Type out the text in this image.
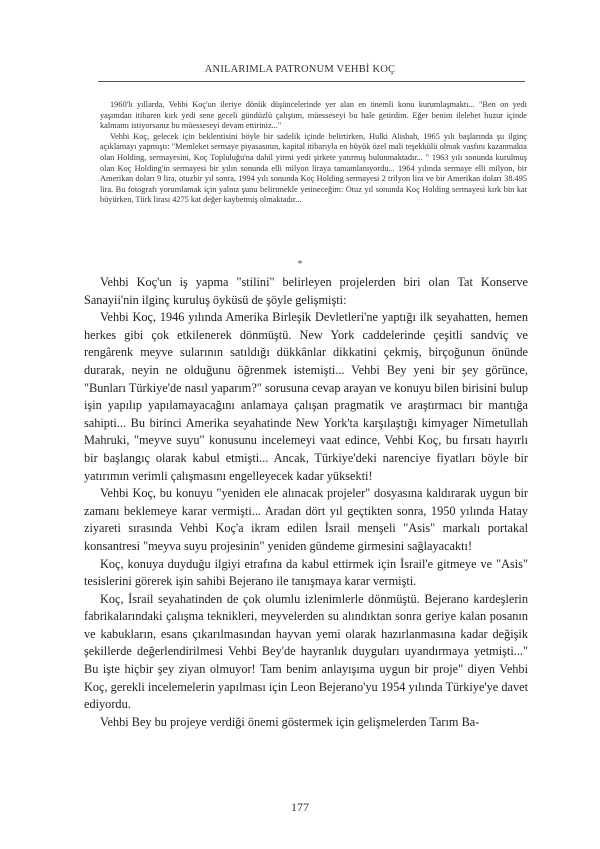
ANILARIMLA PATRONUM VEHBİ KOÇ

1960'lı yıllarda, Vehbi Koç'un ileriye dönük düşüncelerinde yer alan en önemli konu kurumlaşmaktı... "Ben on yedi yaşımdan itibaren kırk yedi sene geceli gündüzlü çalıştım, müesseseyi bu hale getirdim. Eğer benim ilelebet huzur içinde kalmamı istiyorsanız bu müesseseyi devam ettiriniz..."

Vehbi Koç, gelecek için beklentisini böyle bir sadelik içinde belirtirken, Hulki Alisbah, 1965 yılı başlarında şu ilginç açıklamayı yapmıştı: "Memleket sermaye piyasasının, kapital itibarıyla en büyük özel mali teşekkülü olmak vasfını kazanmakta olan Holding, sermayesini, Koç Topluluğu'na dahil yirmi yedi şirkete yatırmış bulunmaktadır... " 1963 yılı sonunda kurulmuş olan Koç Holding'in sermayesi bir yılın sonunda elli milyon liraya tamamlanıyordu... 1964 yılında sermaye elli milyon, bir Amerikan doları 9 lira, otuzbir yıl sonra, 1994 yılı sonunda Koç Holding sermayesi 2 trilyon lira ve bir Amerikan doları 38.495 lira. Bu fotografı yorumlamak için yalnız şunu belirtmekle yetineceğim: Otuz yıl sonunda Koç Holding sermayesi kırk bin kat büyürken, Türk lirası 4275 kat değer kaybetmiş olmaktadır...

*

Vehbi Koç'un iş yapma "stilini" belirleyen projelerden biri olan Tat Konserve Sanayii'nin ilginç kuruluş öyküsü de şöyle gelişmişti:

Vehbi Koç, 1946 yılında Amerika Birleşik Devletleri'ne yaptığı ilk seyahatten, hemen herkes gibi çok etkilenerek dönmüştü. New York caddelerinde çeşitli sandviç ve rengârenk meyve sularının satıldığı dükkânlar dikkatini çekmiş, birçoğunun önünde durarak, neyin ne olduğunu öğrenmek istemişti... Vehbi Bey yeni bir şey görünce, "Bunları Türkiye'de nasıl yaparım?" sorusuna cevap arayan ve konuyu bilen birisini bulup işin yapılıp yapılamayacağını anlamaya çalışan pragmatik ve araştırmacı bir mantığa sahipti... Bu birinci Amerika seyahatinde New York'ta karşılaştığı kimyager Nimetullah Mahruki, "meyve suyu" konusunu incelemeyi vaat edince, Vehbi Koç, bu fırsatı hayırlı bir başlangıç olarak kabul etmişti... Ancak, Türkiye'deki narenciye fiyatları böyle bir yatırımın verimli çalışmasını engelleyecek kadar yüksekti!

Vehbi Koç, bu konuyu "yeniden ele alınacak projeler" dosyasına kaldırarak uygun bir zamanı beklemeye karar vermişti... Aradan dört yıl geçtikten sonra, 1950 yılında Hatay ziyareti sırasında Vehbi Koç'a ikram edilen İsrail menşeli "Asis" markalı portakal konsantresi "meyva suyu projesinin" yeniden gündeme girmesini sağlayacaktı!

Koç, konuya duyduğu ilgiyi etrafına da kabul ettirmek için İsrail'e gitmeye ve "Asis" tesislerini görerek işin sahibi Bejerano ile tanışmaya karar vermişti.

Koç, İsrail seyahatinden de çok olumlu izlenimlerle dönmüştü. Bejerano kardeşlerin fabrikalarındaki çalışma teknikleri, meyvelerden su alındıktan sonra geriye kalan posanın ve kabukların, esans çıkarılmasından hayvan yemi olarak hazırlanmasına kadar değişik şekillerde değerlendirilmesi Vehbi Bey'de hayranlık duyguları uyandırmaya yetmişti..." Bu işte hiçbir şey ziyan olmuyor! Tam benim anlayışıma uygun bir proje" diyen Vehbi Koç, gerekli incelemelerin yapılması için Leon Bejerano'yu 1954 yılında Türkiye'ye davet ediyordu.

Vehbi Bey bu projeye verdiği önemi göstermek için gelişmelerden Tarım Ba-

177
